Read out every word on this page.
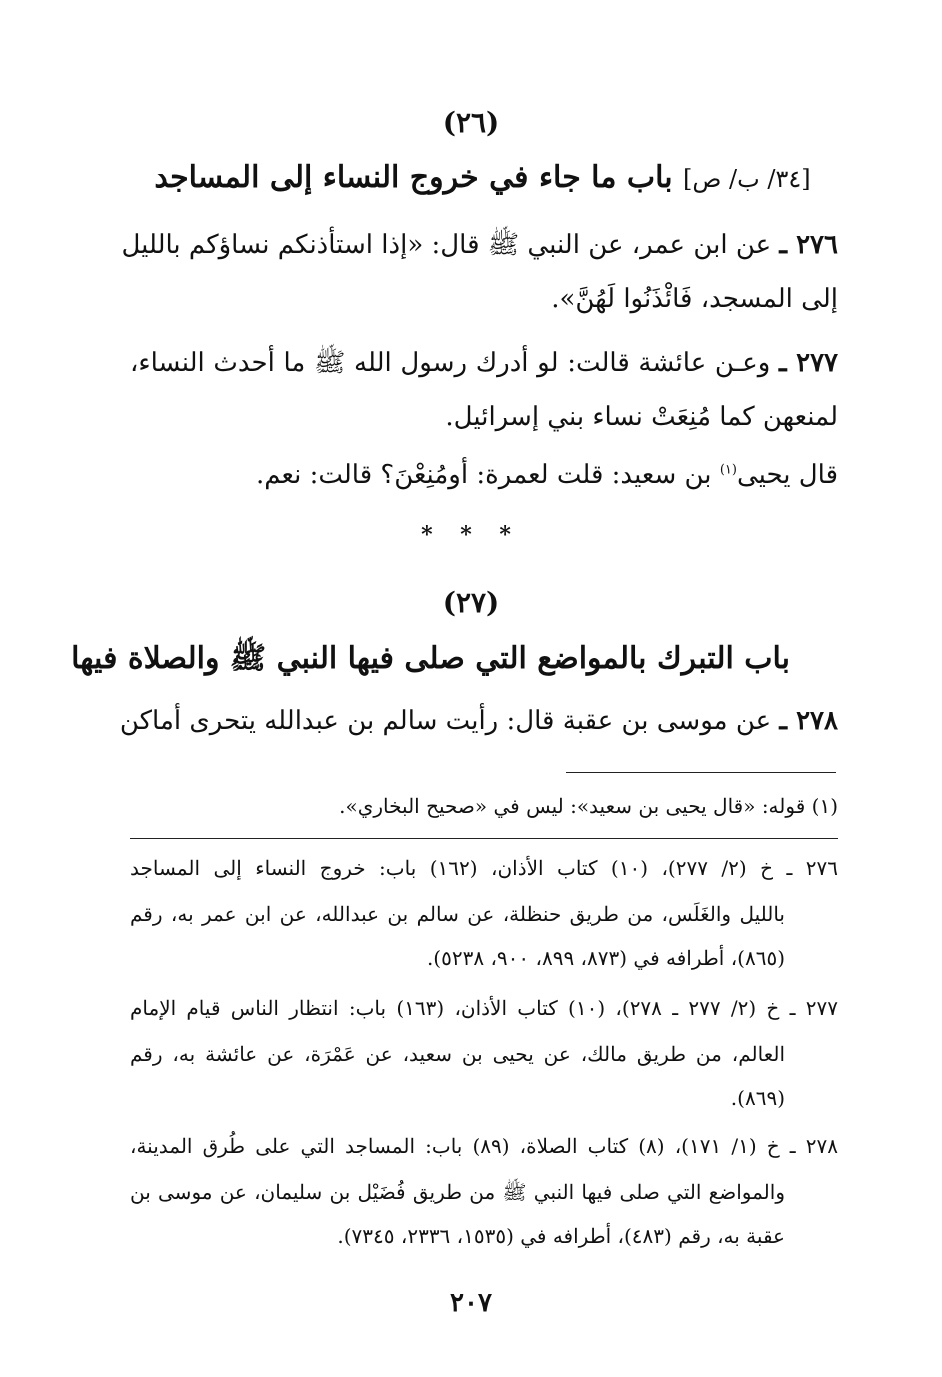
(٢٦)
[٣٤/ ب/ ص] باب ما جاء في خروج النساء إلى المساجد
٢٧٦ ـ عن ابن عمر، عن النبي ﷺ قال: «إذا استأذنكم نساؤكم بالليل
إلى المسجد، فَائْذَنُوا لَهُنَّ».
٢٧٧ ـ وعـن عائشة قالت: لو أدرك رسول الله ﷺ ما أحدث النساء،
لمنعهن كما مُنِعَتْ نساء بني إسرائيل.
قال يحيى$^{(١)}$ بن سعيد: قلت لعمرة: أومُنِعْنَ؟ قالت: نعم.
* * *
(٢٧)
باب التبرك بالمواضع التي صلى فيها النبي ﷺ والصلاة فيها
٢٧٨ ـ عن موسى بن عقبة قال: رأيت سالم بن عبدالله يتحرى أماكن
(١) قوله: «قال يحيى بن سعيد»: ليس في «صحيح البخاري».
٢٧٦ ـ خ (٢/ ٢٧٧)، (١٠) كتاب الأذان، (١٦٢) باب: خروج النساء إلى المساجد
بالليل والغَلَس، من طريق حنظلة، عن سالم بن عبدالله، عن ابن عمر به، رقم
(٨٦٥)، أطرافه في (٨٧٣، ٨٩٩، ٩٠٠، ٥٢٣٨).
٢٧٧ ـ خ (٢/ ٢٧٧ ـ ٢٧٨)، (١٠) كتاب الأذان، (١٦٣) باب: انتظار الناس قيام الإمام
العالم، من طريق مالك، عن يحيى بن سعيد، عن عَمْرَة، عن عائشة به، رقم
(٨٦٩).
٢٧٨ ـ خ (١/ ١٧١)، (٨) كتاب الصلاة، (٨٩) باب: المساجد التي على طُرق المدينة،
والمواضع التي صلى فيها النبي ﷺ من طريق فُضَيْل بن سليمان، عن موسى بن
عقبة به، رقم (٤٨٣)، أطرافه في (١٥٣٥، ٢٣٣٦، ٧٣٤٥).
٢٠٧
